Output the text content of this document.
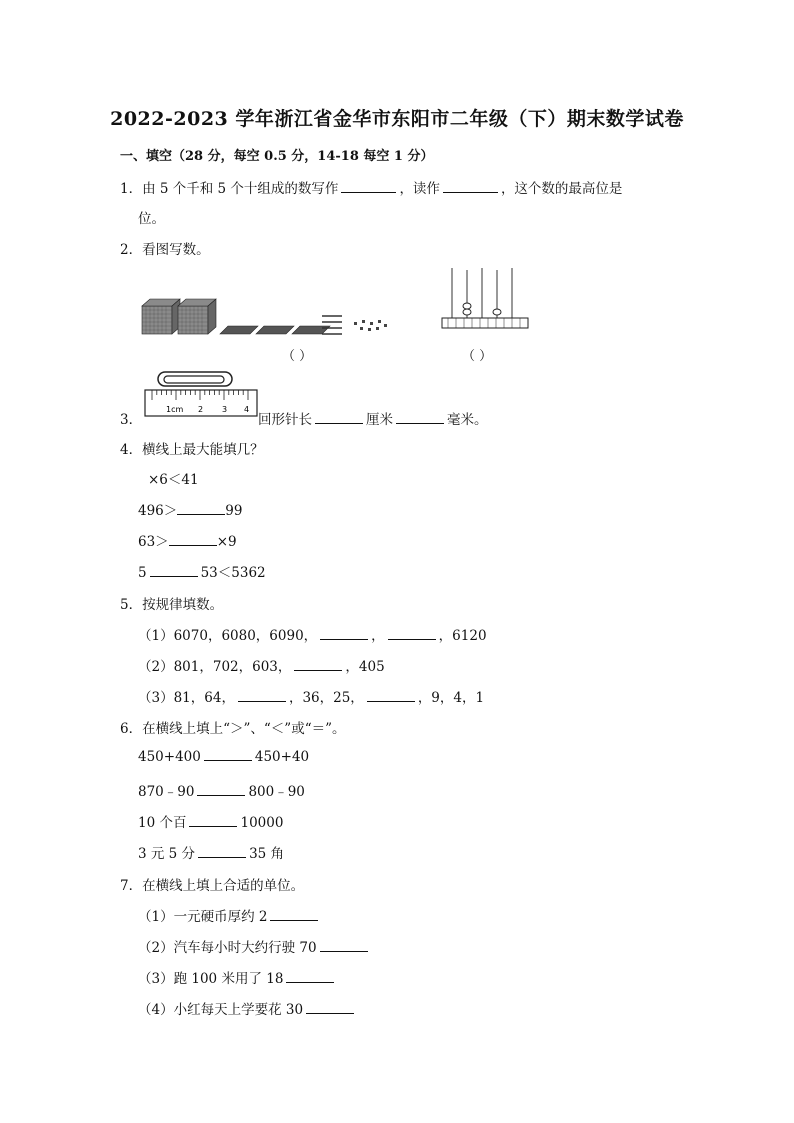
2022-2023 学年浙江省金华市东阳市二年级（下）期末数学试卷
一、填空（28 分，每空 0.5 分，14-18 每空 1 分）
1．由 5 个千和 5 个十组成的数写作	，读作	，这个数的最高位是
位。
2．看图写数。
（ ）	（ ）
3．
1cm 2 3 4
回形针长	厘米	毫米。
4．横线上最大能填几？
×6＜41
496＞	99
63＞	×9
5	53＜5362
5．按规律填数。
（1）6070，6080，6090，	，	，6120
（2）801，702，603，	，405
（3）81，64，	，36，25，	，9，4，1
6．在横线上填上“＞”、“＜”或“＝”。
450+400	450+40
870﹣90	800﹣90
10 个百	10000
3 元 5 分	35 角
7．在横线上填上合适的单位。
（1）一元硬币厚约 2
（2）汽车每小时大约行驶 70
（3）跑 100 米用了 18
（4）小红每天上学要花 30
